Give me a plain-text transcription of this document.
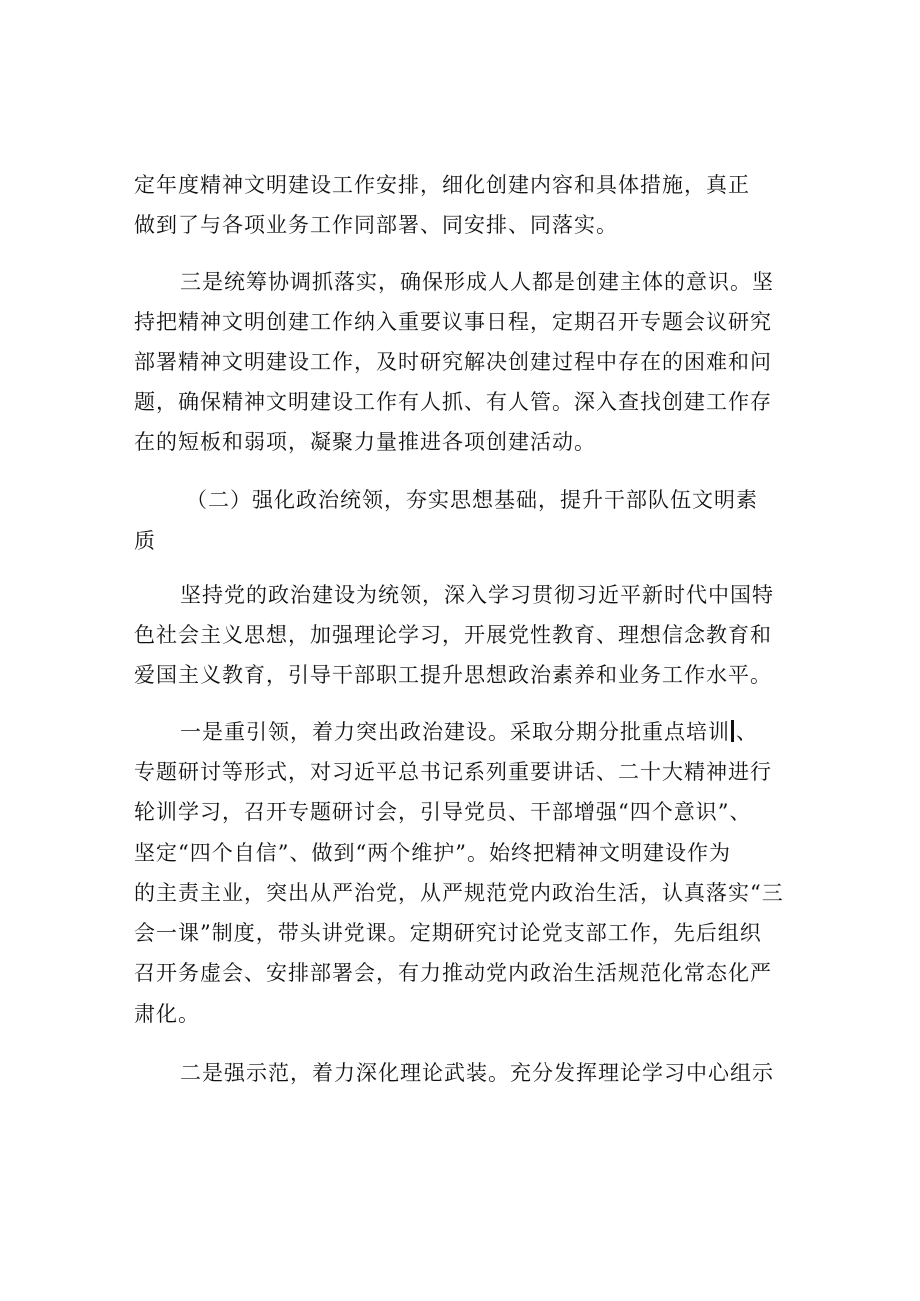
定年度精神文明建设工作安排，细化创建内容和具体措施，真正

做到了与各项业务工作同部署、同安排、同落实。

三是统筹协调抓落实，确保形成人人都是创建主体的意识。坚

持把精神文明创建工作纳入重要议事日程，定期召开专题会议研究

部署精神文明建设工作，及时研究解决创建过程中存在的困难和问

题，确保精神文明建设工作有人抓、有人管。深入查找创建工作存

在的短板和弱项，凝聚力量推进各项创建活动。

（二）强化政治统领，夯实思想基础，提升干部队伍文明素

质

坚持党的政治建设为统领，深入学习贯彻习近平新时代中国特

色社会主义思想，加强理论学习，开展党性教育、理想信念教育和

爱国主义教育，引导干部职工提升思想政治素养和业务工作水平。

一是重引领，着力突出政治建设。采取分期分批重点培训 、

专题研讨等形式，对习近平总书记系列重要讲话、二十大精神进行

轮训学习，召开专题研讨会，引导党员、干部增强“四个意识”、

坚定“四个自信”、做到“两个维护”。始终把精神文明建设作为

的主责主业，突出从严治党，从严规范党内政治生活，认真落实“三

会一课”制度，带头讲党课。定期研究讨论党支部工作，先后组织

召开务虚会、安排部署会，有力推动党内政治生活规范化常态化严

肃化。

二是强示范，着力深化理论武装。充分发挥理论学习中心组示
